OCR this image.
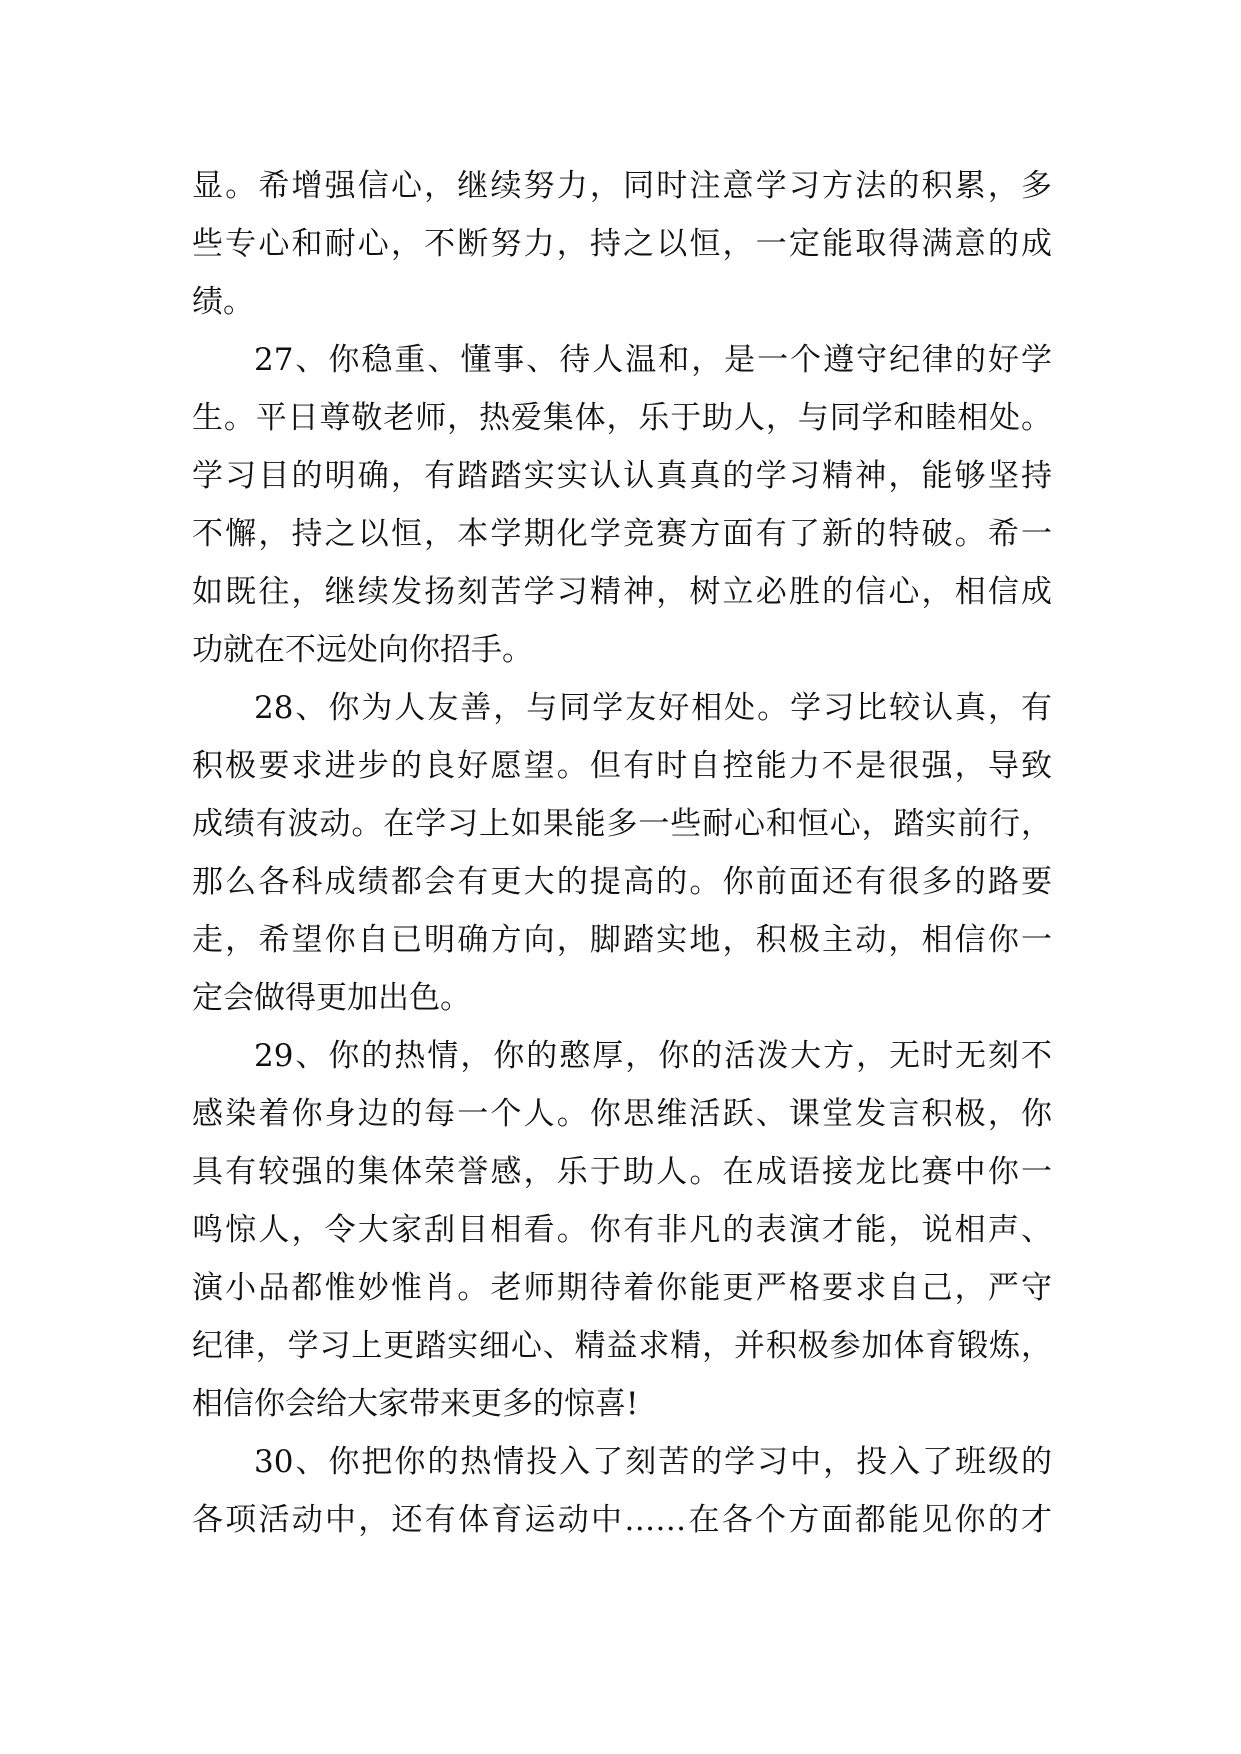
显。希增强信心，继续努力，同时注意学习方法的积累，多
些专心和耐心，不断努力，持之以恒，一定能取得满意的成
绩。
27、你稳重、懂事、待人温和，是一个遵守纪律的好学
生。平日尊敬老师，热爱集体，乐于助人，与同学和睦相处。
学习目的明确，有踏踏实实认认真真的学习精神，能够坚持
不懈，持之以恒，本学期化学竞赛方面有了新的特破。希一
如既往，继续发扬刻苦学习精神，树立必胜的信心，相信成
功就在不远处向你招手。
28、你为人友善，与同学友好相处。学习比较认真，有
积极要求进步的良好愿望。但有时自控能力不是很强，导致
成绩有波动。在学习上如果能多一些耐心和恒心，踏实前行，
那么各科成绩都会有更大的提高的。你前面还有很多的路要
走，希望你自已明确方向，脚踏实地，积极主动，相信你一
定会做得更加出色。
29、你的热情，你的憨厚，你的活泼大方，无时无刻不
感染着你身边的每一个人。你思维活跃、课堂发言积极，你
具有较强的集体荣誉感，乐于助人。在成语接龙比赛中你一
鸣惊人，令大家刮目相看。你有非凡的表演才能，说相声、
演小品都惟妙惟肖。老师期待着你能更严格要求自己，严守
纪律，学习上更踏实细心、精益求精，并积极参加体育锻炼，
相信你会给大家带来更多的惊喜!
30、你把你的热情投入了刻苦的学习中，投入了班级的
各项活动中，还有体育运动中……在各个方面都能见你的才
